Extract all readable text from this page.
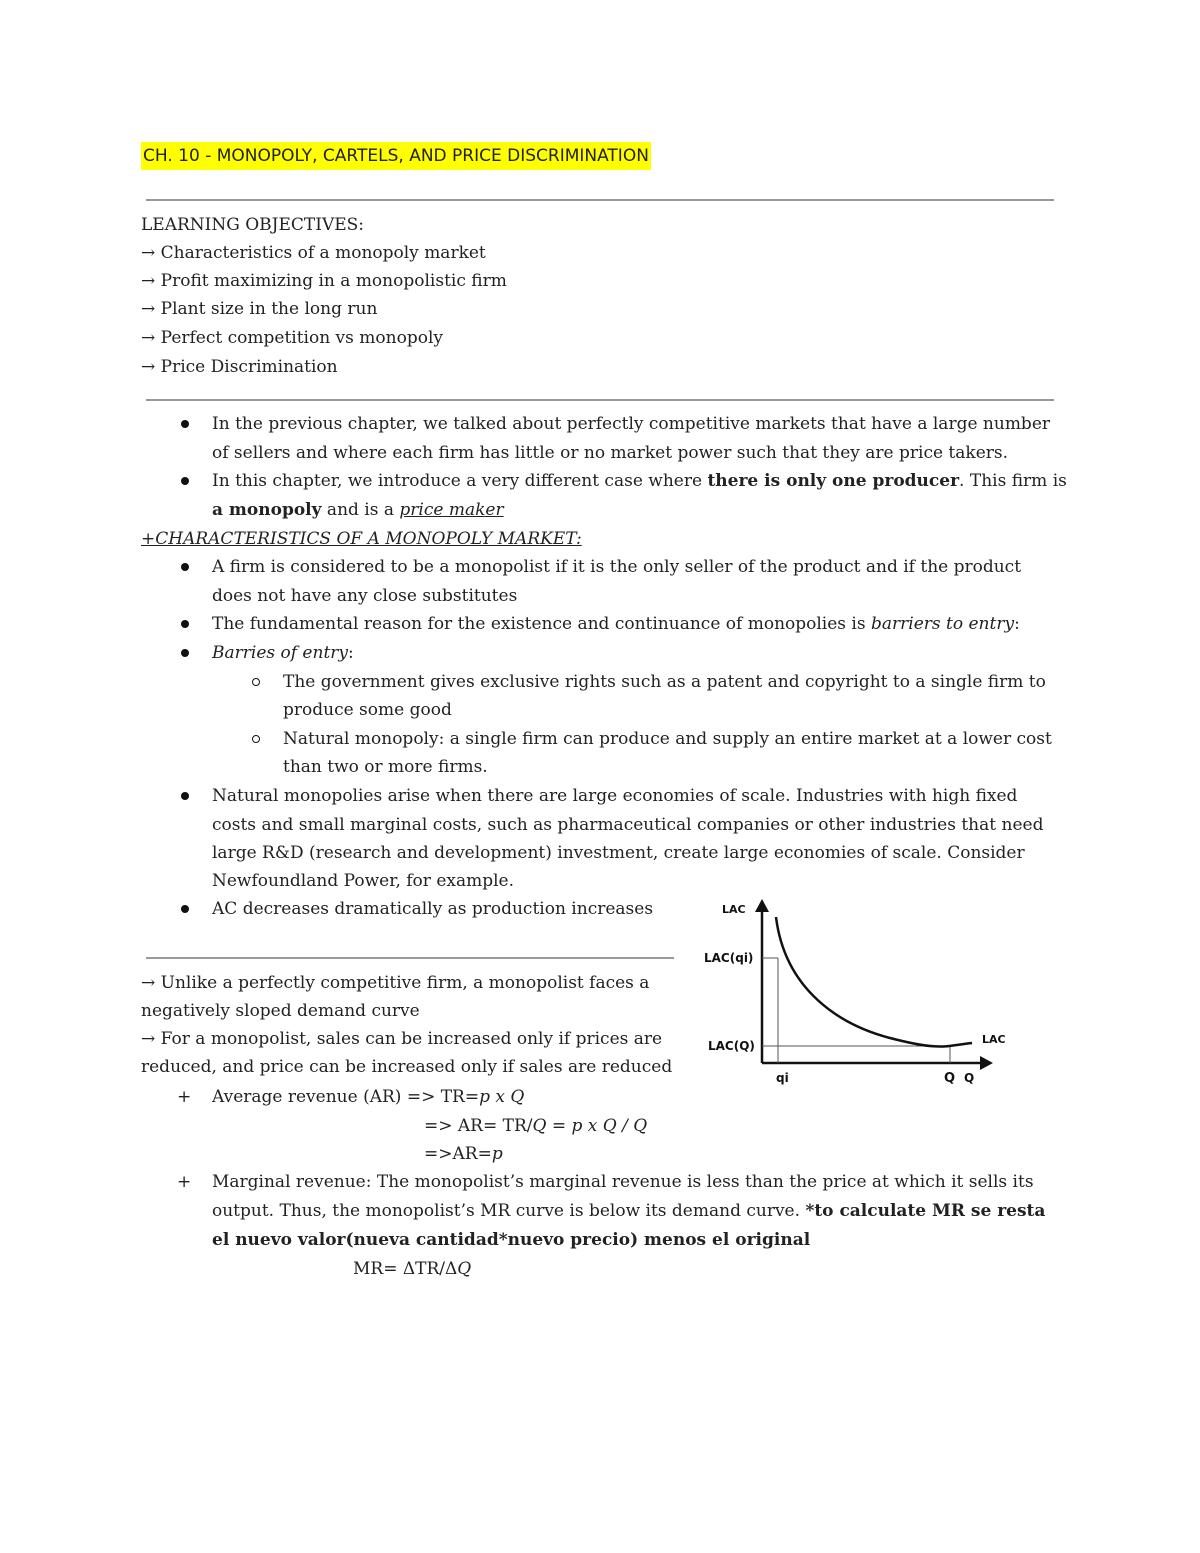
CH. 10 - MONOPOLY, CARTELS, AND PRICE DISCRIMINATION
LEARNING OBJECTIVES:
→ Characteristics of a monopoly market
→ Profit maximizing in a monopolistic firm
→ Plant size in the long run
→ Perfect competition vs monopoly
→ Price Discrimination
In the previous chapter, we talked about perfectly competitive markets that have a large number
of sellers and where each firm has little or no market power such that they are price takers.
In this chapter, we introduce a very different case where there is only one producer. This firm is
a monopoly and is a price maker
+CHARACTERISTICS OF A MONOPOLY MARKET:
A firm is considered to be a monopolist if it is the only seller of the product and if the product
does not have any close substitutes
The fundamental reason for the existence and continuance of monopolies is barriers to entry:
Barries of entry:
The government gives exclusive rights such as a patent and copyright to a single firm to
produce some good
Natural monopoly: a single firm can produce and supply an entire market at a lower cost
than two or more firms.
Natural monopolies arise when there are large economies of scale. Industries with high fixed
costs and small marginal costs, such as pharmaceutical companies or other industries that need
large R&D (research and development) investment, create large economies of scale. Consider
Newfoundland Power, for example.
AC decreases dramatically as production increases
→ Unlike a perfectly competitive firm, a monopolist faces a
negatively sloped demand curve
→ For a monopolist, sales can be increased only if prices are
reduced, and price can be increased only if sales are reduced
+ Average revenue (AR) => TR=p x Q
=> AR= TR/Q = p x Q / Q
=>AR=p
+ Marginal revenue: The monopolist’s marginal revenue is less than the price at which it sells its
output. Thus, the monopolist’s MR curve is below its demand curve. *to calculate MR se resta
el nuevo valor(nueva cantidad*nuevo precio) menos el original
MR= ΔTR/ΔQ
LAC
LAC(qi)
LAC(Q)	LAC
qi	Q Q
